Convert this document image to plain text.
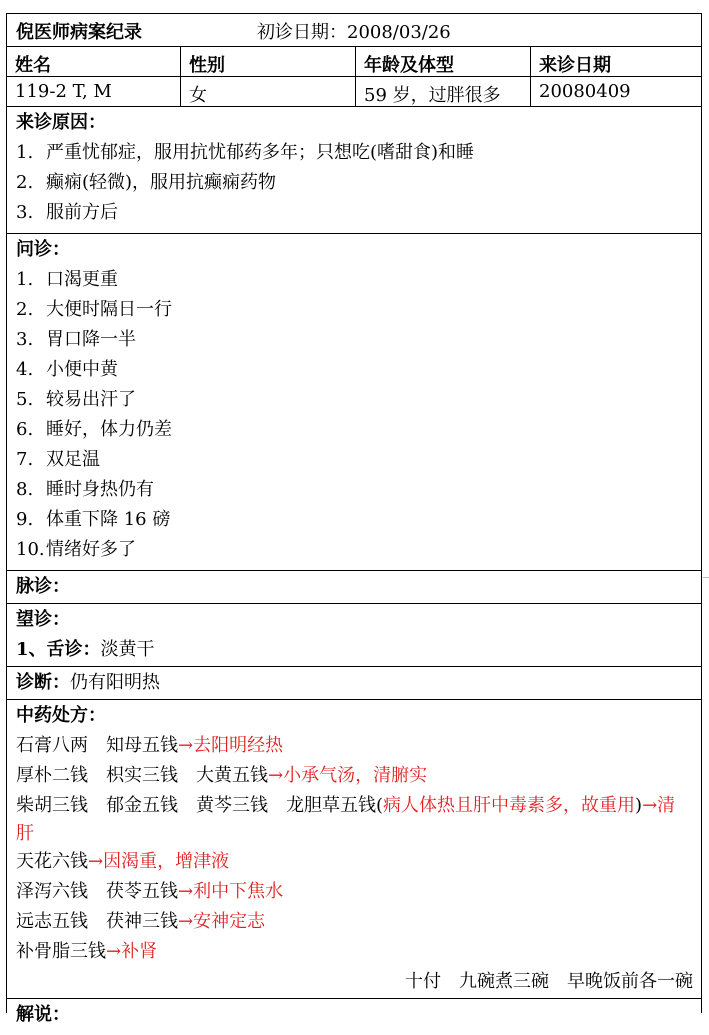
倪医师病案纪录	初诊日期：2008/03/26
姓名	性别	年龄及体型	来诊日期
119-2 T, M	女	59 岁，过胖很多	20080409
来诊原因：
1. 严重忧郁症，服用抗忧郁药多年；只想吃(嗜甜食)和睡
2. 癫痫(轻微)，服用抗癫痫药物
3. 服前方后
问诊：
1. 口渴更重
2. 大便时隔日一行
3. 胃口降一半
4. 小便中黄
5. 较易出汗了
6. 睡好，体力仍差
7. 双足温
8. 睡时身热仍有
9. 体重下降 16 磅
10.情绪好多了
脉诊：
望诊：
1、舌诊：淡黄干
诊断：仍有阳明热
中药处方：
石膏八两　知母五钱→去阳明经热
厚朴二钱　枳实三钱　大黄五钱→小承气汤，清腑实
柴胡三钱　郁金五钱　黄芩三钱　龙胆草五钱(病人体热且肝中毒素多，故重用)→清肝
天花六钱→因渴重，增津液
泽泻六钱　茯苓五钱→利中下焦水
远志五钱　茯神三钱→安神定志
补骨脂三钱→补肾
十付　九碗煮三碗　早晚饭前各一碗
解说：
